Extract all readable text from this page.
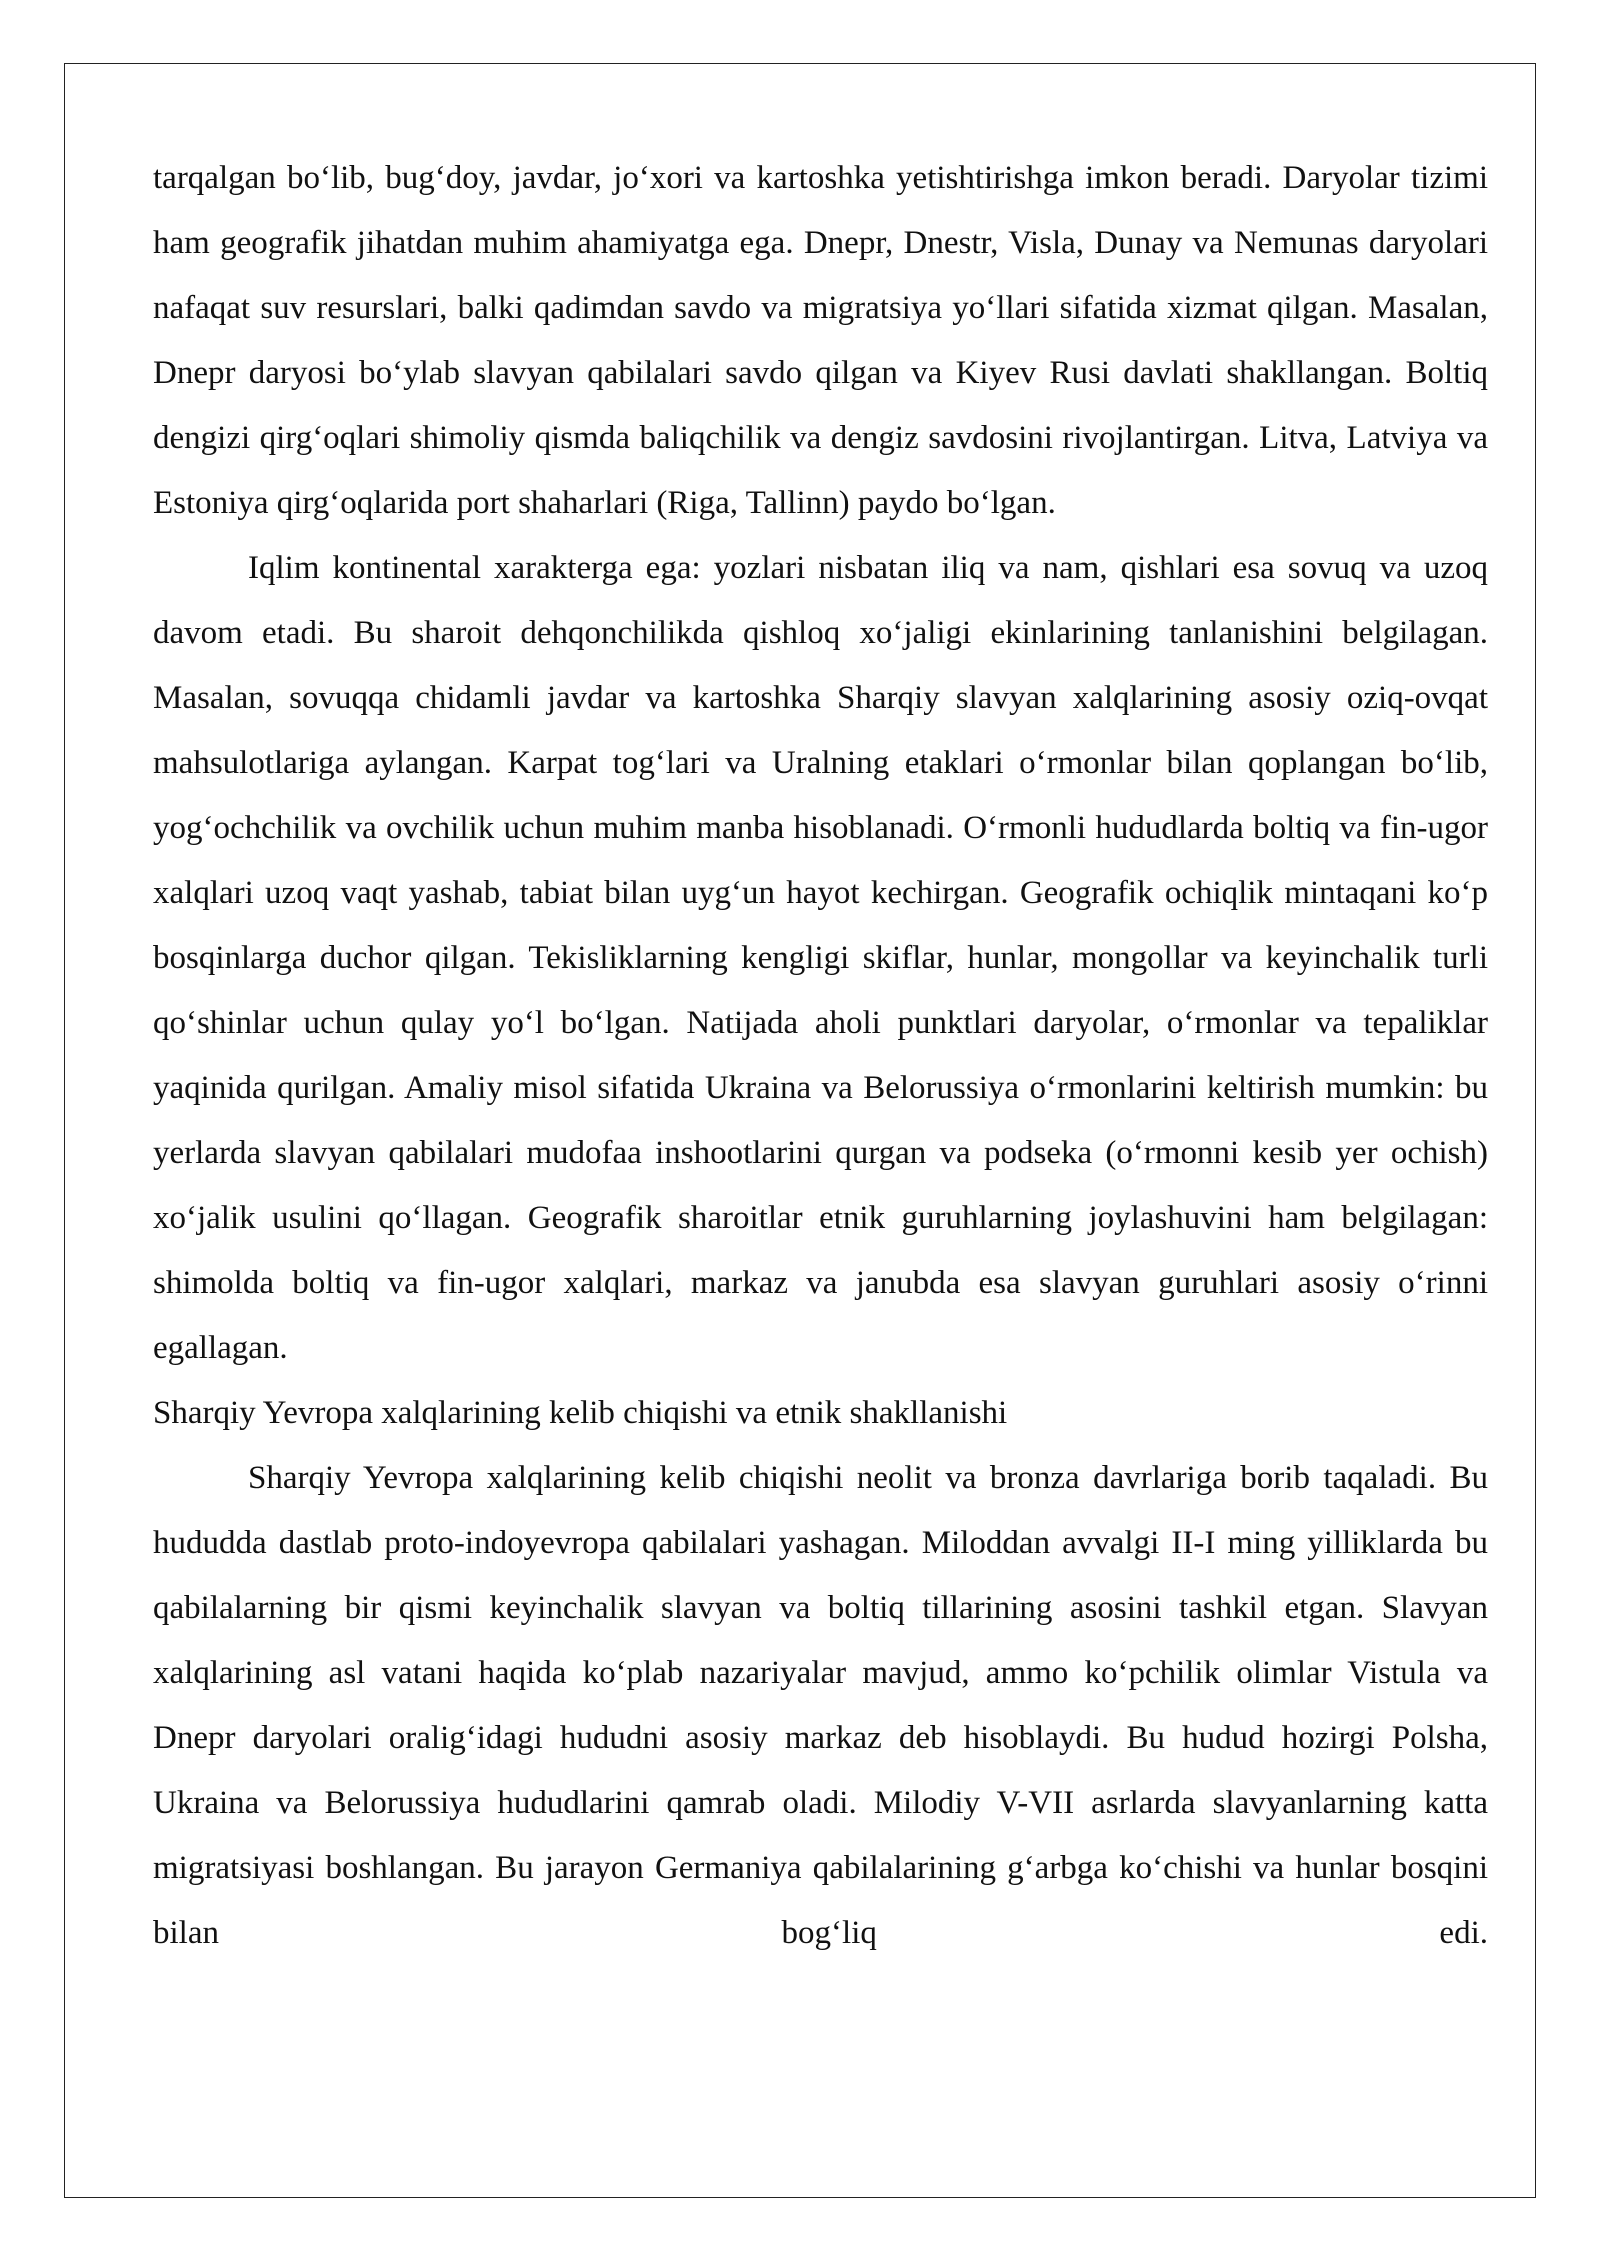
tarqalgan bo‘lib, bug‘doy, javdar, jo‘xori va kartoshka yetishtirishga imkon beradi. Daryolar tizimi ham geografik jihatdan muhim ahamiyatga ega. Dnepr, Dnestr, Visla, Dunay va Nemunas daryolari nafaqat suv resurslari, balki qadimdan savdo va migratsiya yo‘llari sifatida xizmat qilgan. Masalan, Dnepr daryosi bo‘ylab slavyan qabilalari savdo qilgan va Kiyev Rusi davlati shakllangan. Boltiq dengizi qirg‘oqlari shimoliy qismda baliqchilik va dengiz savdosini rivojlantirgan. Litva, Latviya va Estoniya qirg‘oqlarida port shaharlari (Riga, Tallinn) paydo bo‘lgan.

Iqlim kontinental xarakterga ega: yozlari nisbatan iliq va nam, qishlari esa sovuq va uzoq davom etadi. Bu sharoit dehqonchilikda qishloq xo‘jaligi ekinlarining tanlanishini belgilagan. Masalan, sovuqqa chidamli javdar va kartoshka Sharqiy slavyan xalqlarining asosiy oziq-ovqat mahsulotlariga aylangan. Karpat tog‘lari va Uralning etaklari o‘rmonlar bilan qoplangan bo‘lib, yog‘ochchilik va ovchilik uchun muhim manba hisoblanadi. O‘rmonli hududlarda boltiq va fin-ugor xalqlari uzoq vaqt yashab, tabiat bilan uyg‘un hayot kechirgan. Geografik ochiqlik mintaqani ko‘p bosqinlarga duchor qilgan. Tekisliklarning kengligi skiflar, hunlar, mongollar va keyinchalik turli qo‘shinlar uchun qulay yo‘l bo‘lgan. Natijada aholi punktlari daryolar, o‘rmonlar va tepaliklar yaqinida qurilgan. Amaliy misol sifatida Ukraina va Belorussiya o‘rmonlarini keltirish mumkin: bu yerlarda slavyan qabilalari mudofaa inshootlarini qurgan va podseka (o‘rmonni kesib yer ochish) xo‘jalik usulini qo‘llagan. Geografik sharoitlar etnik guruhlarning joylashuvini ham belgilagan: shimolda boltiq va fin-ugor xalqlari, markaz va janubda esa slavyan guruhlari asosiy o‘rinni egallagan.

Sharqiy Yevropa xalqlarining kelib chiqishi va etnik shakllanishi

Sharqiy Yevropa xalqlarining kelib chiqishi neolit va bronza davrlariga borib taqaladi. Bu hududda dastlab proto-indoyevropa qabilalari yashagan. Miloddan avvalgi II-I ming yilliklarda bu qabilalarning bir qismi keyinchalik slavyan va boltiq tillarining asosini tashkil etgan. Slavyan xalqlarining asl vatani haqida ko‘plab nazariyalar mavjud, ammo ko‘pchilik olimlar Vistula va Dnepr daryolari oralig‘idagi hududni asosiy markaz deb hisoblaydi. Bu hudud hozirgi Polsha, Ukraina va Belorussiya hududlarini qamrab oladi. Milodiy V-VII asrlarda slavyanlarning katta migratsiyasi boshlangan. Bu jarayon Germaniya qabilalarining g‘arbga ko‘chishi va hunlar bosqini bilan bog‘liq edi.
